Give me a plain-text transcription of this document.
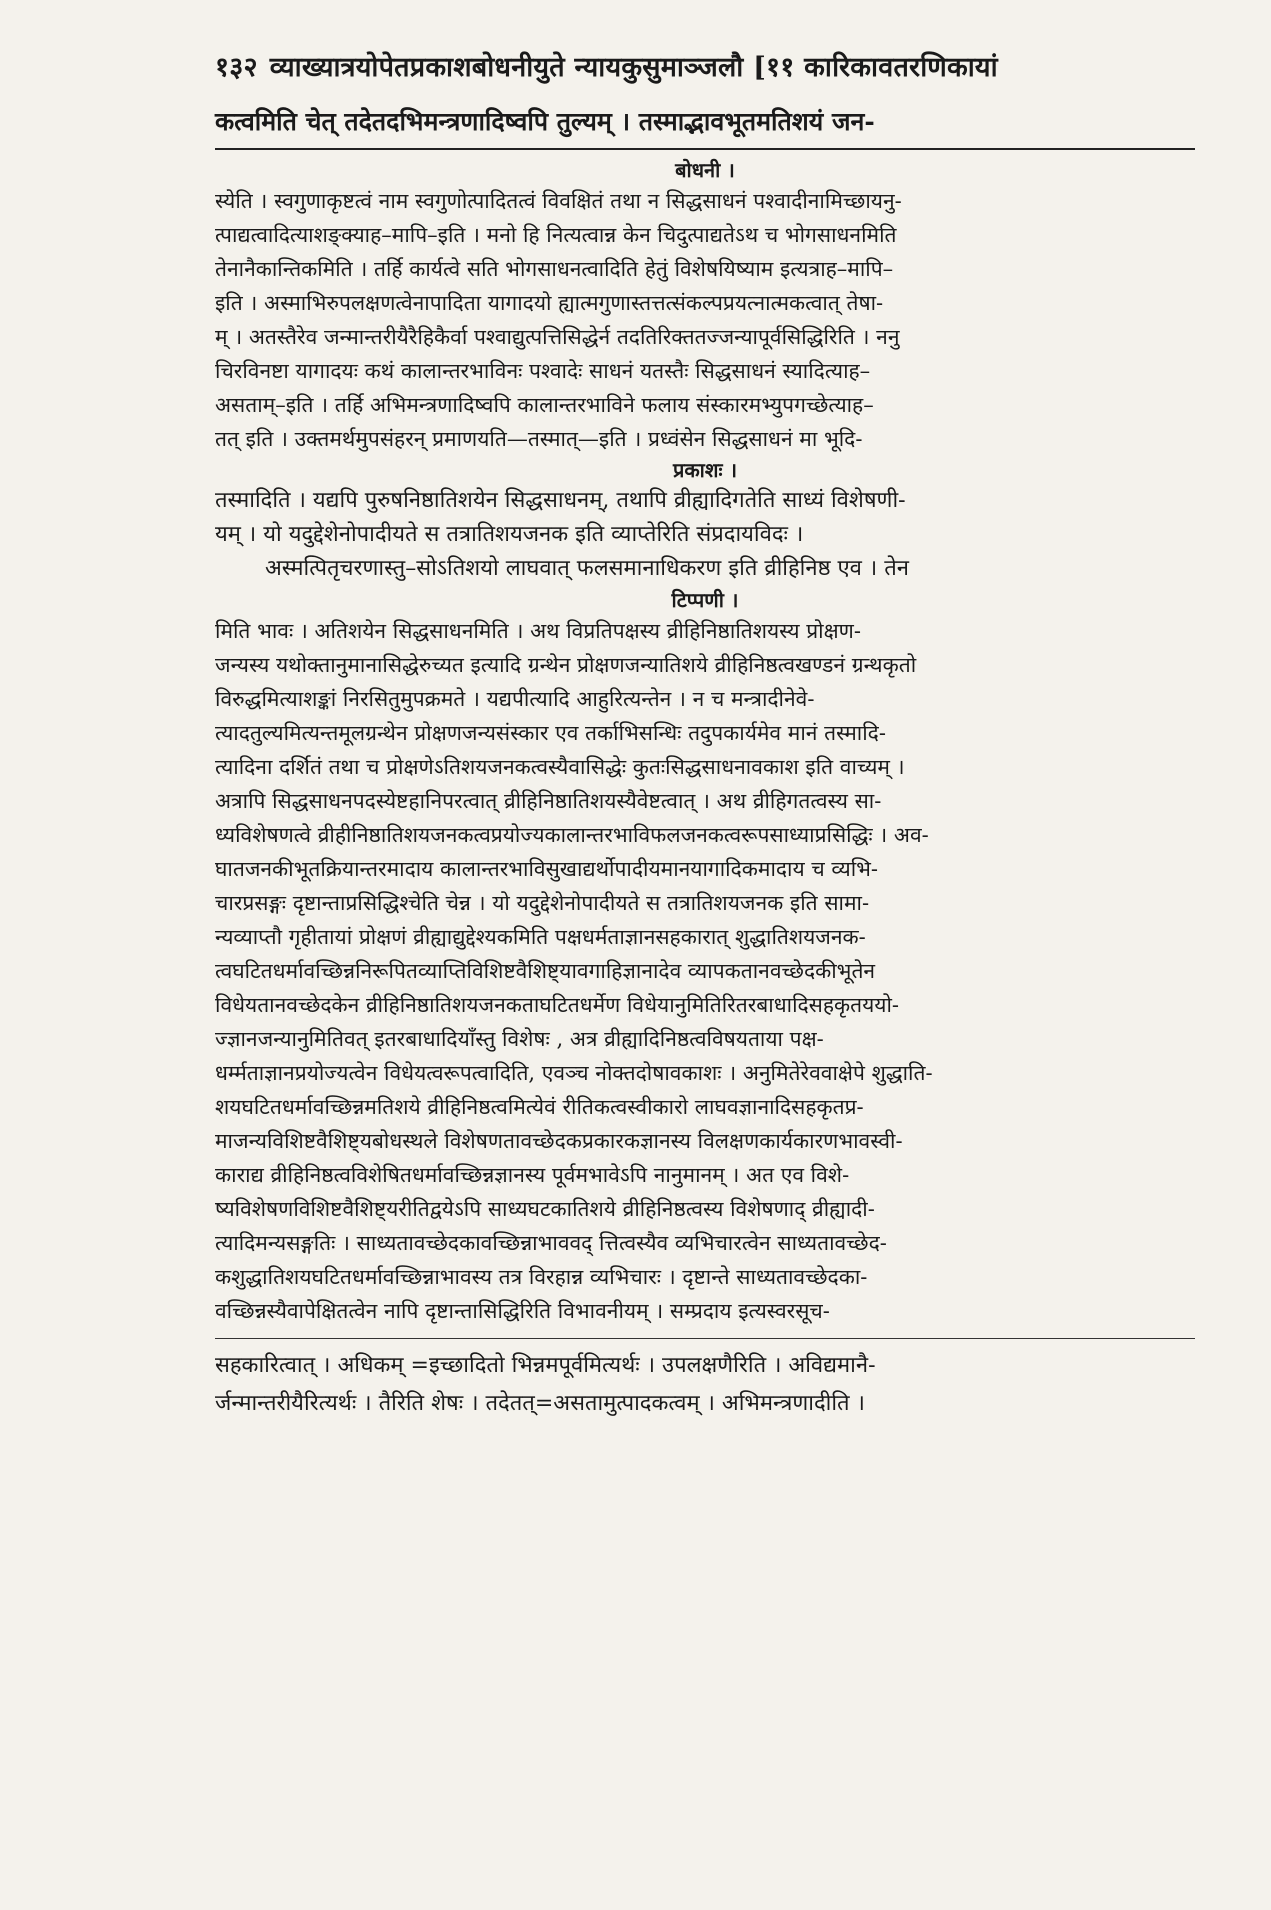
१३२ व्याख्यात्रयोपेतप्रकाशबोधनीयुते न्यायकुसुमाञ्जलौ [११ कारिकावतरणिकायां
कत्वमिति चेत् तदेतदभिमन्त्रणादिष्वपि तुल्यम् । तस्माद्भावभूतमतिशयं जन-
बोधनी ।
स्येति । स्वगुणाकृष्टत्वं नाम स्वगुणोत्पादितत्वं विवक्षितं तथा न सिद्धसाधनं पश्वादीनामिच्छायनु-
त्पाद्यत्वादित्याशङ्क्याह–मापि–इति । मनो हि नित्यत्वान्न केन चिदुत्पाद्यतेऽथ च भोगसाधनमिति
तेनानैकान्तिकमिति । तर्हि कार्यत्वे सति भोगसाधनत्वादिति हेतुं विशेषयिष्याम इत्यत्राह–मापि–
इति । अस्माभिरुपलक्षणत्वेनापादिता यागादयो ह्यात्मगुणास्तत्तत्संकल्पप्रयत्नात्मकत्वात् तेषा-
म् । अतस्तैरेव जन्मान्तरीयैरैहिकैर्वा पश्वाद्युत्पत्तिसिद्धेर्न तदतिरिक्ततज्जन्यापूर्वसिद्धिरिति । ननु
चिरविनष्टा यागादयः कथं कालान्तरभाविनः पश्वादेः साधनं यतस्तैः सिद्धसाधनं स्यादित्याह–
असताम्–इति । तर्हि अभिमन्त्रणादिष्वपि कालान्तरभाविने फलाय संस्कारमभ्युपगच्छेत्याह–
तत् इति । उक्तमर्थमुपसंहरन् प्रमाणयति—तस्मात्—इति । प्रध्वंसेन सिद्धसाधनं मा भूदि-
प्रकाशः ।
तस्मादिति । यद्यपि पुरुषनिष्ठातिशयेन सिद्धसाधनम्, तथापि व्रीह्यादिगतेति साध्यं विशेषणी-
यम् । यो यदुद्देशेनोपादीयते स तत्रातिशयजनक इति व्याप्तेरिति संप्रदायविदः ।
अस्मत्पितृचरणास्तु–सोऽतिशयो लाघवात् फलसमानाधिकरण इति व्रीहिनिष्ठ एव । तेन
टिप्पणी ।
मिति भावः । अतिशयेन सिद्धसाधनमिति । अथ विप्रतिपक्षस्य व्रीहिनिष्ठातिशयस्य प्रोक्षण-
जन्यस्य यथोक्तानुमानासिद्धेरुच्यत इत्यादि ग्रन्थेन प्रोक्षणजन्यातिशये व्रीहिनिष्ठत्वखण्डनं ग्रन्थकृतो
विरुद्धमित्याशङ्कां निरसितुमुपक्रमते । यद्यपीत्यादि आहुरित्यन्तेन । न च मन्त्रादीनेवे-
त्यादतुल्यमित्यन्तमूलग्रन्थेन प्रोक्षणजन्यसंस्कार एव तर्काभिसन्धिः तदुपकार्यमेव मानं तस्मादि-
त्यादिना दर्शितं तथा च प्रोक्षणेऽतिशयजनकत्वस्यैवासिद्धेः कुतःसिद्धसाधनावकाश इति वाच्यम् ।
अत्रापि सिद्धसाधनपदस्येष्टहानिपरत्वात् व्रीहिनिष्ठातिशयस्यैवेष्टत्वात् । अथ व्रीहिगतत्वस्य सा-
ध्यविशेषणत्वे व्रीहीनिष्ठातिशयजनकत्वप्रयोज्यकालान्तरभाविफलजनकत्वरूपसाध्याप्रसिद्धिः । अव-
घातजनकीभूतक्रियान्तरमादाय कालान्तरभाविसुखाद्यर्थोपादीयमानयागादिकमादाय च व्यभि-
चारप्रसङ्गः दृष्टान्ताप्रसिद्धिश्चेति चेन्न । यो यदुद्देशेनोपादीयते स तत्रातिशयजनक इति सामा-
न्यव्याप्तौ गृहीतायां प्रोक्षणं व्रीह्याद्युद्देश्यकमिति पक्षधर्मताज्ञानसहकारात् शुद्धातिशयजनक-
त्वघटितधर्मावच्छिन्ननिरूपितव्याप्तिविशिष्टवैशिष्ट्यावगाहिज्ञानादेव व्यापकतानवच्छेदकीभूतेन
विधेयतानवच्छेदकेन व्रीहिनिष्ठातिशयजनकताघटितधर्मेण विधेयानुमितिरितरबाधादिसहकृतययो-
ज्ज्ञानजन्यानुमितिवत् इतरबाधादियाँस्तु विशेषः , अत्र व्रीह्यादिनिष्ठत्वविषयताया पक्ष-
धर्म्मताज्ञानप्रयोज्यत्वेन विधेयत्वरूपत्वादिति, एवञ्च नोक्तदोषावकाशः । अनुमितेरेववाक्षेपे शुद्धाति-
शयघटितधर्मावच्छिन्नमतिशये व्रीहिनिष्ठत्वमित्येवं रीतिकत्वस्वीकारो लाघवज्ञानादिसहकृतप्र-
माजन्यविशिष्टवैशिष्ट्यबोधस्थले विशेषणतावच्छेदकप्रकारकज्ञानस्य विलक्षणकार्यकारणभावस्वी-
काराद्य व्रीहिनिष्ठत्वविशेषितधर्मावच्छिन्नज्ञानस्य पूर्वमभावेऽपि नानुमानम् । अत एव विशे-
ष्यविशेषणविशिष्टवैशिष्ट्यरीतिद्वयेऽपि साध्यघटकातिशये व्रीहिनिष्ठत्वस्य विशेषणाद् व्रीह्यादी-
त्यादिमन्यसङ्गतिः । साध्यतावच्छेदकावच्छिन्नाभाववद् त्तित्वस्यैव व्यभिचारत्वेन साध्यतावच्छेद-
कशुद्धातिशयघटितधर्मावच्छिन्नाभावस्य तत्र विरहान्न व्यभिचारः । दृष्टान्ते साध्यतावच्छेदका-
वच्छिन्नस्यैवापेक्षितत्वेन नापि दृष्टान्तासिद्धिरिति विभावनीयम् । सम्प्रदाय इत्यस्वरसूच-
सहकारित्वात् । अधिकम् =इच्छादितो भिन्नमपूर्वमित्यर्थः । उपलक्षणैरिति । अविद्यमानै-
र्जन्मान्तरीयैरित्यर्थः । तैरिति शेषः । तदेतत्=असतामुत्पादकत्वम् । अभिमन्त्रणादीति ।
